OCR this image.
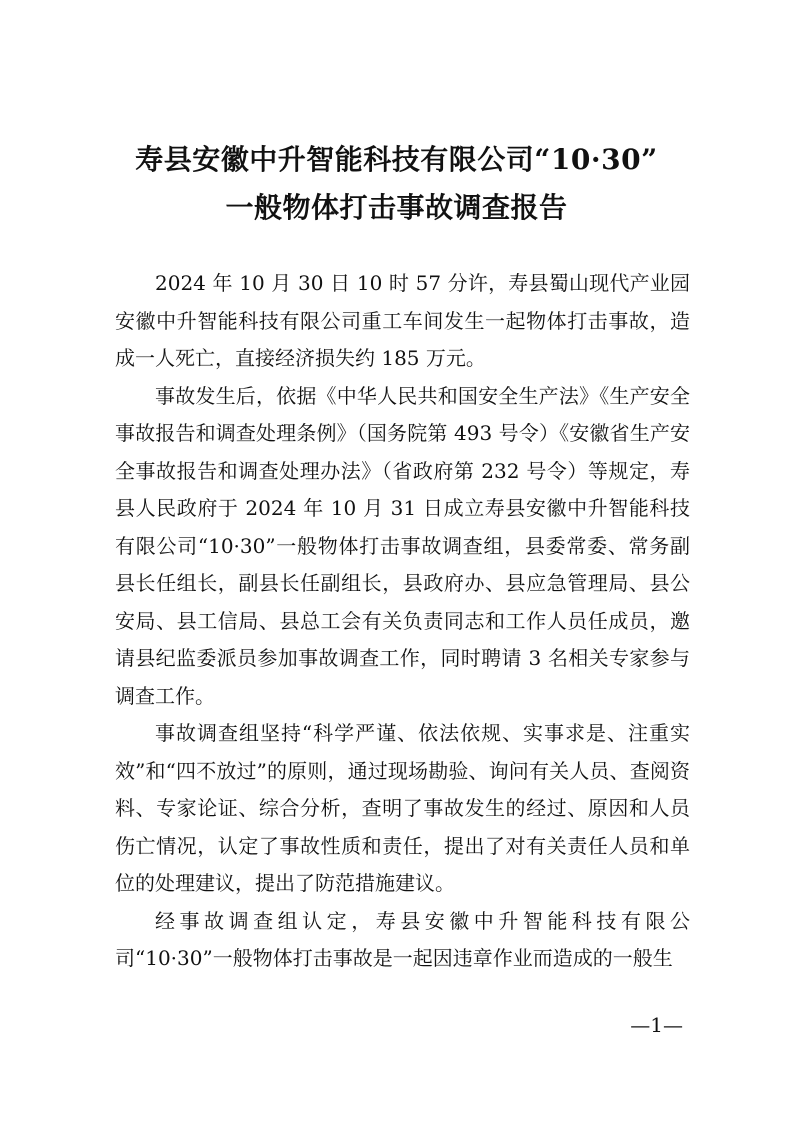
寿县安徽中升智能科技有限公司“10·30”
一般物体打击事故调查报告

2024 年 10 月 30 日 10 时 57 分许，寿县蜀山现代产业园安徽中升智能科技有限公司重工车间发生一起物体打击事故，造成一人死亡，直接经济损失约 185 万元。

事故发生后，依据《中华人民共和国安全生产法》《生产安全事故报告和调查处理条例》（国务院第 493 号令）《安徽省生产安全事故报告和调查处理办法》（省政府第 232 号令）等规定，寿县人民政府于 2024 年 10 月 31 日成立寿县安徽中升智能科技有限公司“10·30”一般物体打击事故调查组，县委常委、常务副县长任组长，副县长任副组长，县政府办、县应急管理局、县公安局、县工信局、县总工会有关负责同志和工作人员任成员，邀请县纪监委派员参加事故调查工作，同时聘请 3 名相关专家参与调查工作。

事故调查组坚持“科学严谨、依法依规、实事求是、注重实效”和“四不放过”的原则，通过现场勘验、询问有关人员、查阅资料、专家论证、综合分析，查明了事故发生的经过、原因和人员伤亡情况，认定了事故性质和责任，提出了对有关责任人员和单位的处理建议，提出了防范措施建议。

经事故调查组认定，寿县安徽中升智能科技有限公司“10·30”一般物体打击事故是一起因违章作业而造成的一般生

—1—
